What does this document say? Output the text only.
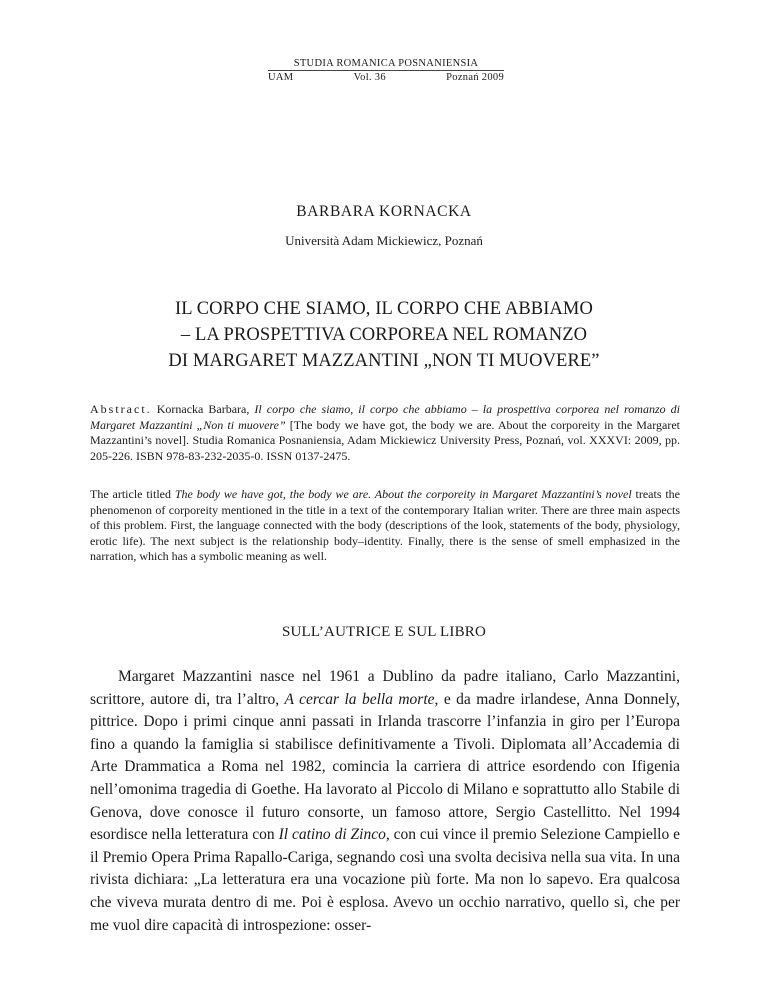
STUDIA ROMANICA POSNANIENSIA
UAM	Vol. 36	Poznań 2009
BARBARA KORNACKA
Università Adam Mickiewicz, Poznań
IL CORPO CHE SIAMO, IL CORPO CHE ABBIAMO
– LA PROSPETTIVA CORPOREA NEL ROMANZO
DI MARGARET MAZZANTINI „NON TI MUOVERE”
Abstract. Kornacka Barbara, Il corpo che siamo, il corpo che abbiamo – la prospettiva corporea nel romanzo di Margaret Mazzantini „Non ti muovere” [The body we have got, the body we are. About the corporeity in the Margaret Mazzantini’s novel]. Studia Romanica Posnaniensia, Adam Mickiewicz University Press, Poznań, vol. XXXVI: 2009, pp. 205-226. ISBN 978-83-232-2035-0. ISSN 0137-2475.
The article titled The body we have got, the body we are. About the corporeity in Margaret Mazzantini’s novel treats the phenomenon of corporeity mentioned in the title in a text of the contemporary Italian writer. There are three main aspects of this problem. First, the language connected with the body (descriptions of the look, statements of the body, physiology, erotic life). The next subject is the relationship body–identity. Finally, there is the sense of smell emphasized in the narration, which has a symbolic meaning as well.
SULL’AUTRICE E SUL LIBRO

Margaret Mazzantini nasce nel 1961 a Dublino da padre italiano, Carlo Mazzantini, scrittore, autore di, tra l’altro, A cercar la bella morte, e da madre irlandese, Anna Donnely, pittrice. Dopo i primi cinque anni passati in Irlanda trascorre l’infanzia in giro per l’Europa fino a quando la famiglia si stabilisce definitivamente a Tivoli. Diplomata all’Accademia di Arte Drammatica a Roma nel 1982, comincia la carriera di attrice esordendo con Ifigenia nell’omonima tragedia di Goethe. Ha lavorato al Piccolo di Milano e soprattutto allo Stabile di Genova, dove conosce il futuro consorte, un famoso attore, Sergio Castellitto. Nel 1994 esordisce nella letteratura con Il catino di Zinco, con cui vince il premio Selezione Campiello e il Premio Opera Prima Rapallo-Cariga, segnando così una svolta decisiva nella sua vita. In una rivista dichiara: „La letteratura era una vocazione più forte. Ma non lo sapevo. Era qualcosa che viveva murata dentro di me. Poi è esplosa. Avevo un occhio narrativo, quello sì, che per me vuol dire capacità di introspezione: osser-
